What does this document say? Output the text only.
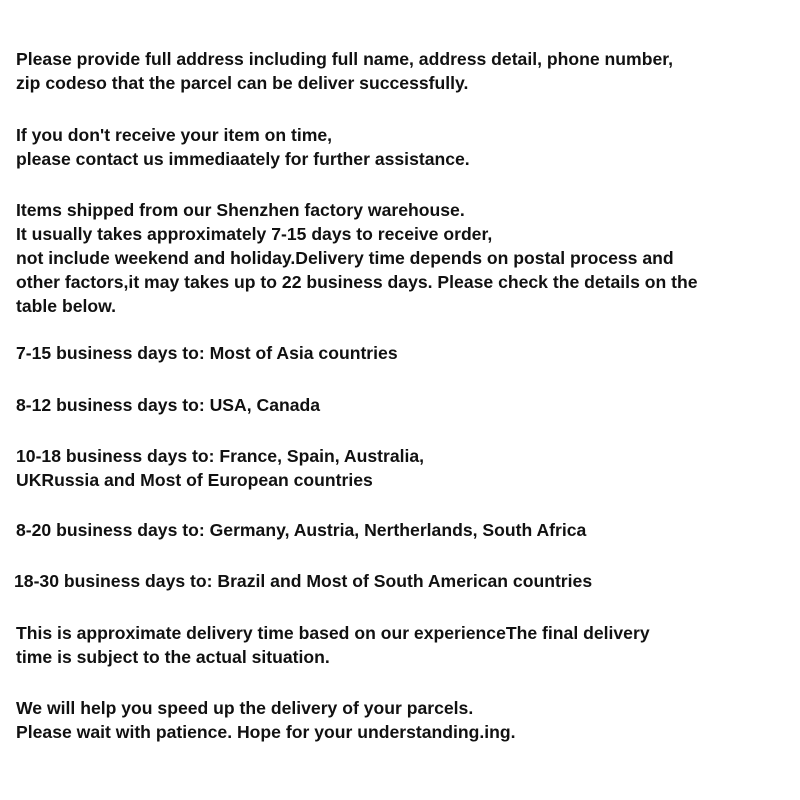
Please provide full address including full name, address detail, phone number,
zip codeso that the parcel can be deliver successfully.
If you don't receive your item on time,
please contact us immediaately for further assistance.
Items shipped from our Shenzhen factory warehouse.
It usually takes approximately 7-15 days to receive order,
not include weekend and holiday.Delivery time depends on postal process and
other factors,it may takes up to 22 business days. Please check the details on the
table below.
7-15 business days to: Most of Asia countries
8-12 business days to: USA, Canada
10-18 business days to: France, Spain, Australia,
UKRussia and Most of European countries
8-20 business days to: Germany, Austria, Nertherlands, South Africa
18-30 business days to: Brazil and Most of South American countries
This is approximate delivery time based on our experienceThe final delivery
time is subject to the actual situation.
We will help you speed up the delivery of your parcels.
Please wait with patience. Hope for your understanding.ing.
